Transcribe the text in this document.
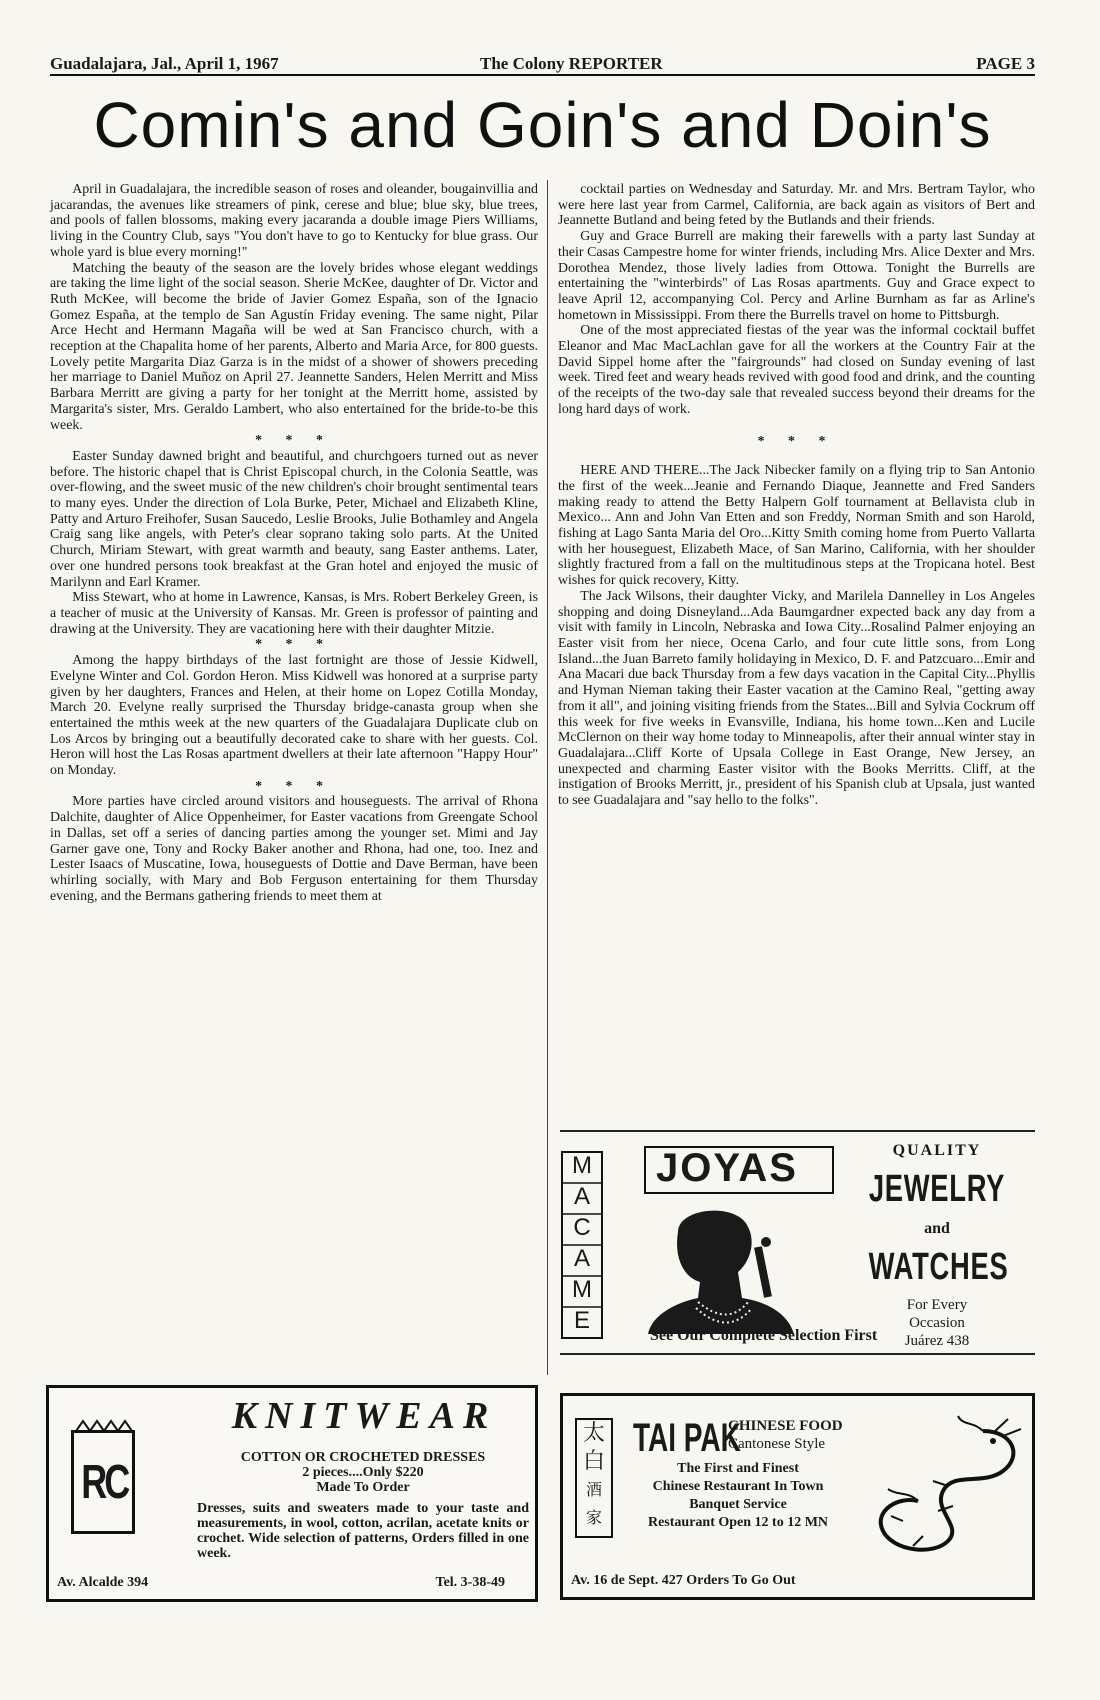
Guadalajara, Jal., April 1, 1967	The Colony REPORTER	PAGE 3
Comin's and Goin's and Doin's

April in Guadalajara, the incredible season of roses and oleander, bougainvillia and jacarandas, the avenues like streamers of pink, cerese and blue; blue sky, blue trees, and pools of fallen blossoms, making every jacaranda a double image Piers Williams, living in the Country Club, says "You don't have to go to Kentucky for blue grass. Our whole yard is blue every morning!"

Matching the beauty of the season are the lovely brides whose elegant weddings are taking the lime light of the social season. Sherie McKee, daughter of Dr. Victor and Ruth McKee, will become the bride of Javier Gomez España, son of the Ignacio Gomez España, at the templo de San Agustín Friday evening. The same night, Pilar Arce Hecht and Hermann Magaña will be wed at San Francisco church, with a reception at the Chapalita home of her parents, Alberto and Maria Arce, for 800 guests. Lovely petite Margarita Diaz Garza is in the midst of a shower of showers preceding her marriage to Daniel Muñoz on April 27. Jeannette Sanders, Helen Merritt and Miss Barbara Merritt are giving a party for her tonight at the Merritt home, assisted by Margarita's sister, Mrs. Geraldo Lambert, who also entertained for the bride-to-be this week.

* * *

Easter Sunday dawned bright and beautiful, and churchgoers turned out as never before. The historic chapel that is Christ Episcopal church, in the Colonia Seattle, was over-flowing, and the sweet music of the new children's choir brought sentimental tears to many eyes. Under the direction of Lola Burke, Peter, Michael and Elizabeth Kline, Patty and Arturo Freihofer, Susan Saucedo, Leslie Brooks, Julie Bothamley and Angela Craig sang like angels, with Peter's clear soprano taking solo parts. At the United Church, Miriam Stewart, with great warmth and beauty, sang Easter anthems. Later, over one hundred persons took breakfast at the Gran hotel and enjoyed the music of Marilynn and Earl Kramer.

Miss Stewart, who at home in Lawrence, Kansas, is Mrs. Robert Berkeley Green, is a teacher of music at the University of Kansas. Mr. Green is professor of painting and drawing at the University. They are vacationing here with their daughter Mitzie.

* * *

Among the happy birthdays of the last fortnight are those of Jessie Kidwell, Evelyne Winter and Col. Gordon Heron. Miss Kidwell was honored at a surprise party given by her daughters, Frances and Helen, at their home on Lopez Cotilla Monday, March 20. Evelyne really surprised the Thursday bridge-canasta group when she entertained the mthis week at the new quarters of the Guadalajara Duplicate club on Los Arcos by bringing out a beautifully decorated cake to share with her guests. Col. Heron will host the Las Rosas apartment dwellers at their late afternoon "Happy Hour" on Monday.

* * *

More parties have circled around visitors and houseguests. The arrival of Rhona Dalchite, daughter of Alice Oppenheimer, for Easter vacations from Greengate School in Dallas, set off a series of dancing parties among the younger set. Mimi and Jay Garner gave one, Tony and Rocky Baker another and Rhona, had one, too. Inez and Lester Isaacs of Muscatine, Iowa, houseguests of Dottie and Dave Berman, have been whirling socially, with Mary and Bob Ferguson entertaining for them Thursday evening, and the Bermans gathering friends to meet them at

cocktail parties on Wednesday and Saturday. Mr. and Mrs. Bertram Taylor, who were here last year from Carmel, California, are back again as visitors of Bert and Jeannette Butland and being feted by the Butlands and their friends.

Guy and Grace Burrell are making their farewells with a party last Sunday at their Casas Campestre home for winter friends, including Mrs. Alice Dexter and Mrs. Dorothea Mendez, those lively ladies from Ottowa. Tonight the Burrells are entertaining the "winterbirds" of Las Rosas apartments. Guy and Grace expect to leave April 12, accompanying Col. Percy and Arline Burnham as far as Arline's hometown in Mississippi. From there the Burrells travel on home to Pittsburgh.

One of the most appreciated fiestas of the year was the informal cocktail buffet Eleanor and Mac MacLachlan gave for all the workers at the Country Fair at the David Sippel home after the "fairgrounds" had closed on Sunday evening of last week. Tired feet and weary heads revived with good food and drink, and the counting of the receipts of the two-day sale that revealed success beyond their dreams for the long hard days of work.

* * *

HERE AND THERE...The Jack Nibecker family on a flying trip to San Antonio the first of the week...Jeanie and Fernando Diaque, Jeannette and Fred Sanders making ready to attend the Betty Halpern Golf tournament at Bellavista club in Mexico... Ann and John Van Etten and son Freddy, Norman Smith and son Harold, fishing at Lago Santa Maria del Oro...Kitty Smith coming home from Puerto Vallarta with her houseguest, Elizabeth Mace, of San Marino, California, with her shoulder slightly fractured from a fall on the multitudinous steps at the Tropicana hotel. Best wishes for quick recovery, Kitty.

The Jack Wilsons, their daughter Vicky, and Marilela Dannelley in Los Angeles shopping and doing Disneyland...Ada Baumgardner expected back any day from a visit with family in Lincoln, Nebraska and Iowa City...Rosalind Palmer enjoying an Easter visit from her niece, Ocena Carlo, and four cute little sons, from Long Island...the Juan Barreto family holidaying in Mexico, D. F. and Patzcuaro...Emir and Ana Macari due back Thursday from a few days vacation in the Capital City...Phyllis and Hyman Nieman taking their Easter vacation at the Camino Real, "getting away from it all", and joining visiting friends from the States...Bill and Sylvia Cockrum off this week for five weeks in Evansville, Indiana, his home town...Ken and Lucile McClernon on their way home today to Minneapolis, after their annual winter stay in Guadalajara...Cliff Korte of Upsala College in East Orange, New Jersey, an unexpected and charming Easter visitor with the Books Merritts. Cliff, at the instigation of Brooks Merritt, jr., president of his Spanish club at Upsala, just wanted to see Guadalajara and "say hello to the folks".

M
A
C
A
M
E
JOYAS	QUALITY
JEWELRY
and
WATCHES
For Every
Occasion
Juárez 438
See Our Complete Selection First
RC
KNITWEAR
COTTON OR CROCHETED DRESSES
2 pieces....Only $220
Made To Order
Dresses, suits and sweaters made to your taste and measurements, in wool, cotton, acrilan, acetate knits or crochet. Wide selection of patterns, Orders filled in one week.
Av. Alcalde 394	Tel. 3-38-49
太
白
酒
家
TAI PAK
CHINESE FOOD
Cantonese Style
The First and Finest
Chinese Restaurant In Town
Banquet Service
Restaurant Open 12 to 12 MN
Av. 16 de Sept. 427 Orders To Go Out
